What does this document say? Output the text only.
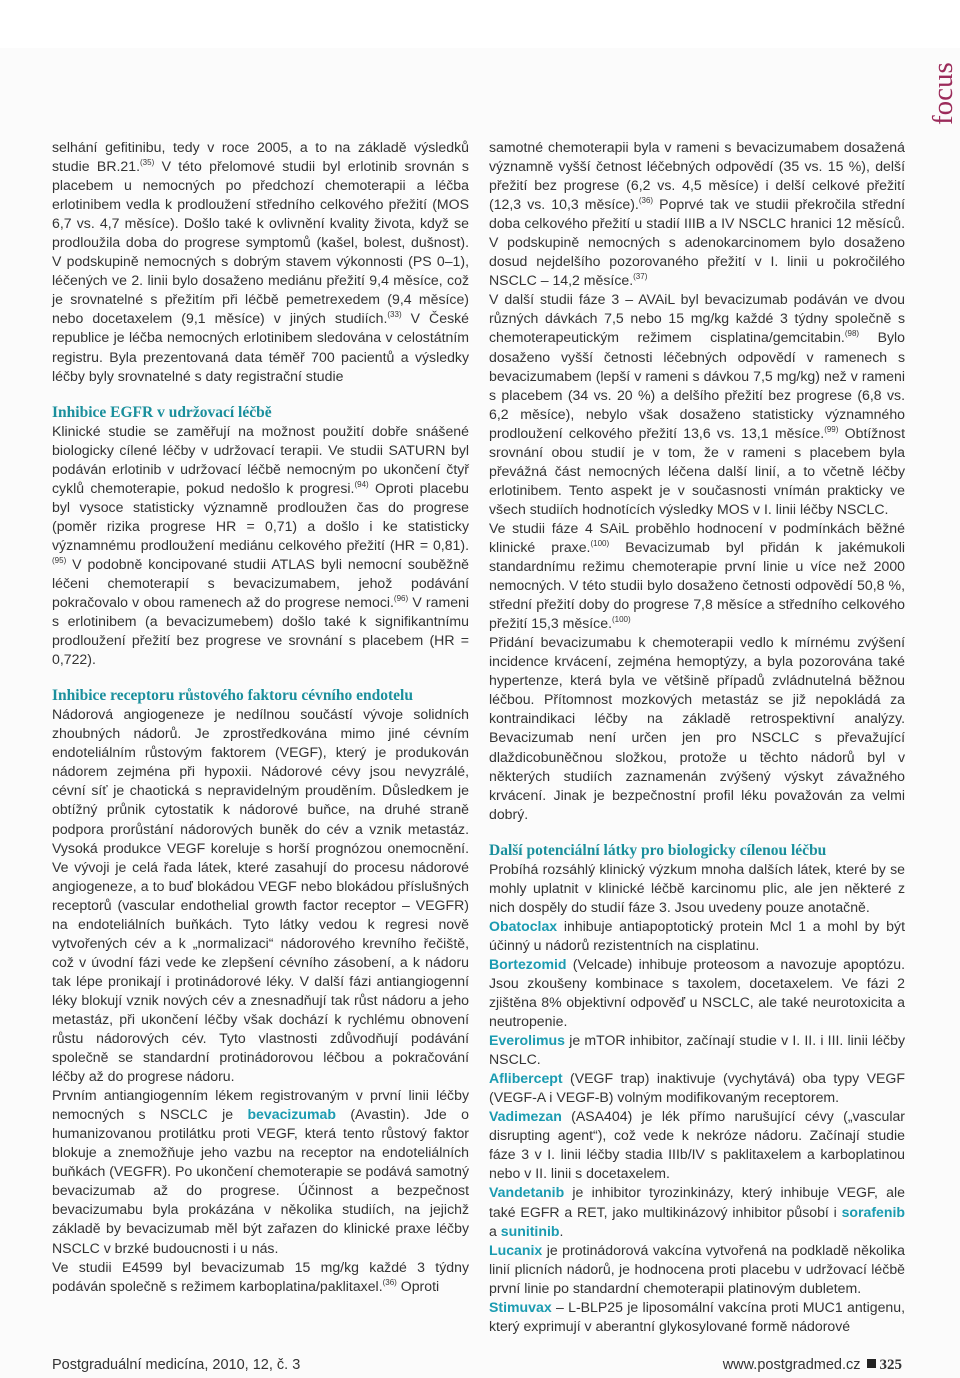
focus

selhání gefitinibu, tedy v roce 2005, a to na základě výsledků studie BR.21.$^{(35)}$ V této přelomové studii byl erlotinib srovnán s placebem u nemocných po předchozí chemoterapii a léčba erlotinibem vedla k prodloužení středního celkového přežití (MOS 6,7 vs. 4,7 měsíce). Došlo také k ovlivnění kvality života, když se prodloužila doba do progrese symptomů (kašel, bolest, dušnost). V podskupině nemocných s dobrým stavem výkonnosti (PS 0–1), léčených ve 2. linii bylo dosaženo mediánu přežití 9,4 měsíce, což je srovnatelné s přežitím při léčbě pemetrexedem (9,4 měsíce) nebo docetaxelem (9,1 měsíce) v jiných studiích.$^{(33)}$ V České republice je léčba nemocných erlotinibem sledována v celostátním registru. Byla prezentovaná data téměř 700 pacientů a výsledky léčby byly srovnatelné s daty registrační studie

Inhibice EGFR v udržovací léčbě

Klinické studie se zaměřují na možnost použití dobře snášené biologicky cílené léčby v udržovací terapii. Ve studii SATURN byl podáván erlotinib v udržovací léčbě nemocným po ukončení čtyř cyklů chemoterapie, pokud nedošlo k progresi.$^{(94)}$ Oproti placebu byl vysoce statisticky významně prodloužen čas do progrese (poměr rizika progrese HR = 0,71) a došlo i ke statisticky významnému prodloužení mediánu celkového přežití (HR = 0,81).$^{(95)}$ V podobně koncipované studii ATLAS byli nemocní souběžně léčeni chemoterapií s bevacizumabem, jehož podávání pokračovalo v obou ramenech až do progrese nemoci.$^{(96)}$ V rameni s erlotinibem (a bevacizumebem) došlo také k signifikantnímu prodloužení přežití bez progrese ve srovnání s placebem (HR = 0,722).

Inhibice receptoru růstového faktoru cévního endotelu

Nádorová angiogeneze je nedílnou součástí vývoje solidních zhoubných nádorů. Je zprostředkována mimo jiné cévním endoteliálním růstovým faktorem (VEGF), který je produkován nádorem zejména při hypoxii. Nádorové cévy jsou nevyzrálé, cévní síť je chaotická s nepravidelným prouděním. Důsledkem je obtížný průnik cytostatik k nádorové buňce, na druhé straně podpora prorůstání nádorových buněk do cév a vznik metastáz. Vysoká produkce VEGF koreluje s horší prognózou onemocnění. Ve vývoji je celá řada látek, které zasahují do procesu nádorové angiogeneze, a to buď blokádou VEGF nebo blokádou příslušných receptorů (vascular endothelial growth factor receptor – VEGFR) na endoteliálních buňkách. Tyto látky vedou k regresi nově vytvořených cév a k „normalizaci“ nádorového krevního řečiště, což v úvodní fázi vede ke zlepšení cévního zásobení, a k nádoru tak lépe pronikají i protinádorové léky. V další fázi antiangiogenní léky blokují vznik nových cév a znesnadňují tak růst nádoru a jeho metastáz, při ukončení léčby však dochází k rychlému obnovení růstu nádorových cév. Tyto vlastnosti zdůvodňují podávání společně se standardní protinádorovou léčbou a pokračování léčby až do progrese nádoru.

Prvním antiangiogenním lékem registrovaným v první linii léčby nemocných s NSCLC je bevacizumab (Avastin). Jde o humanizovanou protilátku proti VEGF, která tento růstový faktor blokuje a znemožňuje jeho vazbu na receptor na endoteliálních buňkách (VEGFR). Po ukončení chemoterapie se podává samotný bevacizumab až do progrese. Účinnost a bezpečnost bevacizumabu byla prokázána v několika studiích, na jejichž základě by bevacizumab měl být zařazen do klinické praxe léčby NSCLC v brzké budoucnosti i u nás.

Ve studii E4599 byl bevacizumab 15 mg/kg každé 3 týdny podáván společně s režimem karboplatina/paklitaxel.$^{(36)}$ Oproti

samotné chemoterapii byla v rameni s bevacizumabem dosažená významně vyšší četnost léčebných odpovědí (35 vs. 15 %), delší přežití bez progrese (6,2 vs. 4,5 měsíce) i delší celkové přežití (12,3 vs. 10,3 měsíce).$^{(36)}$ Poprvé tak ve studii překročila střední doba celkového přežití u stadií IIIB a IV NSCLC hranici 12 měsíců. V podskupině nemocných s adenokarcinomem bylo dosaženo dosud nejdelšího pozorovaného přežití v I. linii u pokročilého NSCLC – 14,2 měsíce.$^{(37)}$

V další studii fáze 3 – AVAiL byl bevacizumab podáván ve dvou různých dávkách 7,5 nebo 15 mg/kg každé 3 týdny společně s chemoterapeutickým režimem cisplatina/gemcitabin.$^{(98)}$ Bylo dosaženo vyšší četnosti léčebných odpovědí v ramenech s bevacizumabem (lepší v rameni s dávkou 7,5 mg/kg) než v rameni s placebem (34 vs. 20 %) a delšího přežití bez progrese (6,8 vs. 6,2 měsíce), nebylo však dosaženo statisticky významného prodloužení celkového přežití 13,6 vs. 13,1 měsíce.$^{(99)}$ Obtížnost srovnání obou studií je v tom, že v rameni s placebem byla převážná část nemocných léčena další linií, a to včetně léčby erlotinibem. Tento aspekt je v současnosti vnímán prakticky ve všech studiích hodnotících výsledky MOS v I. linii léčby NSCLC.

Ve studii fáze 4 SAiL proběhlo hodnocení v podmínkách běžné klinické praxe.$^{(100)}$ Bevacizumab byl přidán k jakémukoli standardnímu režimu chemoterapie první linie u více než 2000 nemocných. V této studii bylo dosaženo četnosti odpovědí 50,8 %, střední přežití doby do progrese 7,8 měsíce a středního celkového přežití 15,3 měsíce.$^{(100)}$

Přidání bevacizumabu k chemoterapii vedlo k mírnému zvýšení incidence krvácení, zejména hemoptýzy, a byla pozorována také hypertenze, která byla ve většině případů zvládnutelná běžnou léčbou. Přítomnost mozkových metastáz se již nepokládá za kontraindikaci léčby na základě retrospektivní analýzy. Bevacizumab není určen jen pro NSCLC s převažující dlaždicobuněčnou složkou, protože u těchto nádorů byl v některých studiích zaznamenán zvýšený výskyt závažného krvácení. Jinak je bezpečnostní profil léku považován za velmi dobrý.

Další potenciální látky pro biologicky cílenou léčbu

Probíhá rozsáhlý klinický výzkum mnoha dalších látek, které by se mohly uplatnit v klinické léčbě karcinomu plic, ale jen některé z nich dospěly do studií fáze 3. Jsou uvedeny pouze anotačně.

Obatoclax inhibuje antiapoptotický protein Mcl 1 a mohl by být účinný u nádorů rezistentních na cisplatinu.

Bortezomid (Velcade) inhibuje proteosom a navozuje apoptózu. Jsou zkoušeny kombinace s taxolem, docetaxelem. Ve fázi 2 zjištěna 8% objektivní odpověď u NSCLC, ale také neurotoxicita a neutropenie.

Everolimus je mTOR inhibitor, začínají studie v I. II. i III. linii léčby NSCLC.

Aflibercept (VEGF trap) inaktivuje (vychytává) oba typy VEGF (VEGF-A i VEGF-B) volným modifikovaným receptorem.

Vadimezan (ASA404) je lék přímo narušující cévy („vascular disrupting agent“), což vede k nekróze nádoru. Začínají studie fáze 3 v I. linii léčby stadia IIIb/IV s paklitaxelem a karboplatinou nebo v II. linii s docetaxelem.

Vandetanib je inhibitor tyrozinkinázy, který inhibuje VEGF, ale také EGFR a RET, jako multikinázový inhibitor působí i sorafenib a sunitinib.

Lucanix je protinádorová vakcína vytvořená na podkladě několika linií plicních nádorů, je hodnocena proti placebu v udržovací léčbě první linie po standardní chemoterapii platinovým dubletem.

Stimuvax – L-BLP25 je liposomální vakcína proti MUC1 antigenu, který exprimují v aberantní glykosylované formě nádorové

Postgraduální medicína, 2010, 12, č. 3	www.postgradmed.cz 325
